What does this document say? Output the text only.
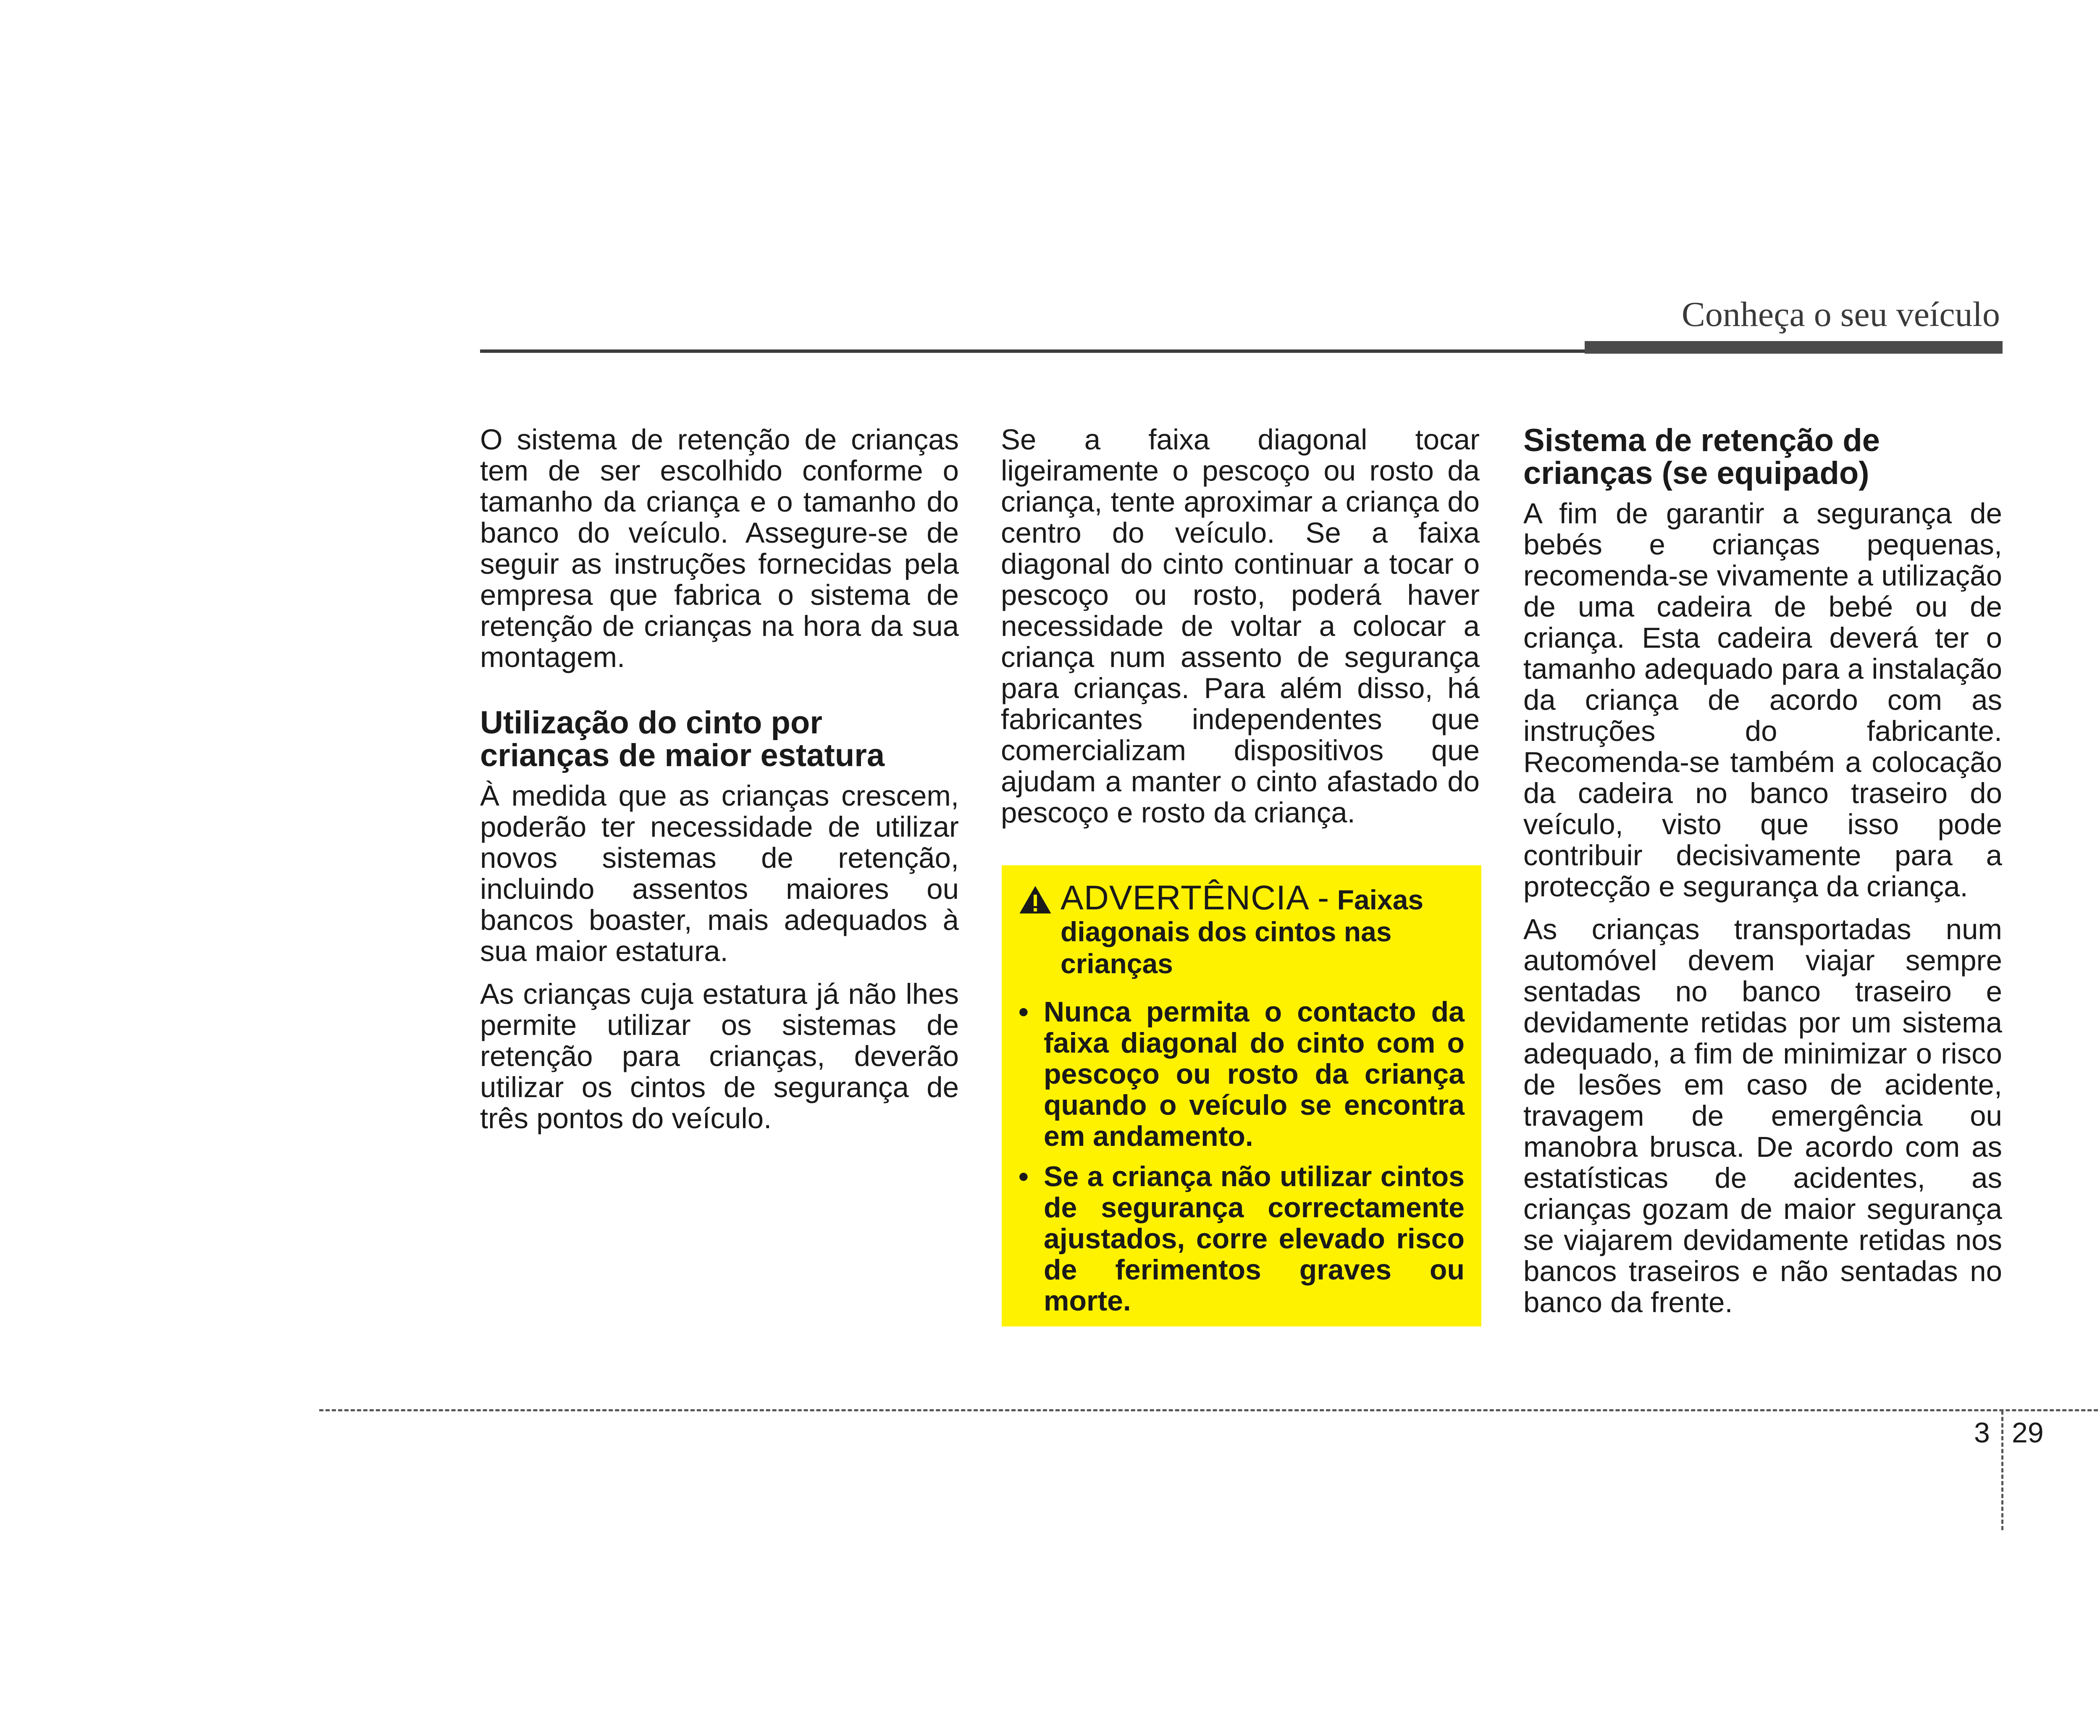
Conheça o seu veículo

O sistema de retenção de crianças tem de ser escolhido conforme o tamanho da criança e o tamanho do banco do veículo. Assegure-se de seguir as instruções fornecidas pela empresa que fabrica o sistema de retenção de crianças na hora da sua montagem.

Utilização do cinto por crianças de maior estatura

À medida que as crianças crescem, poderão ter necessidade de utilizar novos sistemas de retenção, incluindo assentos maiores ou bancos boaster, mais adequados à sua maior estatura.

As crianças cuja estatura já não lhes permite utilizar os sistemas de retenção para crianças, deverão utilizar os cintos de segurança de três pontos do veículo.

Se a faixa diagonal tocar ligeiramente o pescoço ou rosto da criança, tente aproximar a criança do centro do veículo. Se a faixa diagonal do cinto continuar a tocar o pescoço ou rosto, poderá haver necessidade de voltar a colocar a criança num assento de segurança para crianças. Para além disso, há fabricantes independentes que comercializam dispositivos que ajudam a manter o cinto afastado do pescoço e rosto da criança.

ADVERTÊNCIA - Faixas diagonais dos cintos nas crianças
• Nunca permita o contacto da faixa diagonal do cinto com o pescoço ou rosto da criança quando o veículo se encontra em andamento.
• Se a criança não utilizar cintos de segurança correctamente ajustados, corre elevado risco de ferimentos graves ou morte.
Sistema de retenção de crianças (se equipado)

A fim de garantir a segurança de bebés e crianças pequenas, recomenda-se vivamente a utilização de uma cadeira de bebé ou de criança. Esta cadeira deverá ter o tamanho adequado para a instalação da criança de acordo com as instruções do fabricante. Recomenda-se também a colocação da cadeira no banco traseiro do veículo, visto que isso pode contribuir decisivamente para a protecção e segurança da criança.

As crianças transportadas num automóvel devem viajar sempre sentadas no banco traseiro e devidamente retidas por um sistema adequado, a fim de minimizar o risco de lesões em caso de acidente, travagem de emergência ou manobra brusca. De acordo com as estatísticas de acidentes, as crianças gozam de maior segurança se viajarem devidamente retidas nos bancos traseiros e não sentadas no banco da frente.

3 29
